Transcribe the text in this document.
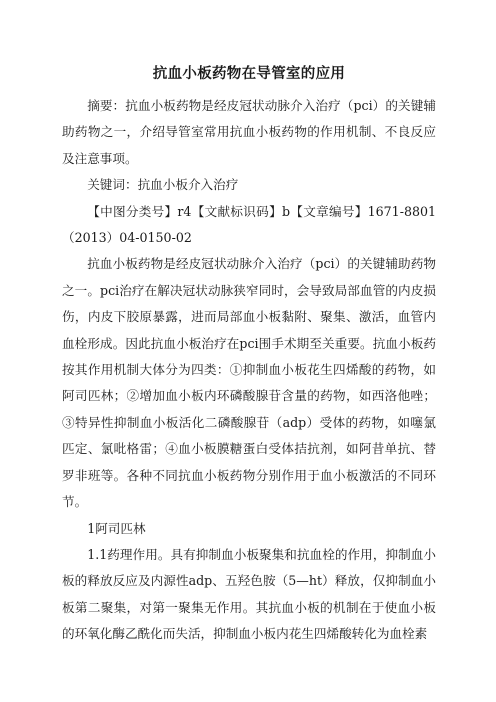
抗血小板药物在导管室的应用

摘要：抗血小板药物是经皮冠状动脉介入治疗（pci）的关键辅助药物之一，介绍导管室常用抗血小板药物的作用机制、不良反应及注意事项。

关键词：抗血小板介入治疗

【中图分类号】r4【文献标识码】b【文章编号】1671-8801（2013）04-0150-02

抗血小板药物是经皮冠状动脉介入治疗（pci）的关键辅助药物之一。pci治疗在解决冠状动脉狭窄同时，会导致局部血管的内皮损伤，内皮下胶原暴露，进而局部血小板黏附、聚集、激活，血管内血栓形成。因此抗血小板治疗在pci围手术期至关重要。抗血小板药按其作用机制大体分为四类：①抑制血小板花生四烯酸的药物，如阿司匹林；②增加血小板内环磷酸腺苷含量的药物，如西洛他唑；③特异性抑制血小板活化二磷酸腺苷（adp）受体的药物，如噻氯匹定、氯吡格雷；④血小板膜糖蛋白受体拮抗剂，如阿昔单抗、替罗非班等。各种不同抗血小板药物分别作用于血小板激活的不同环节。

1阿司匹林

1.1药理作用。具有抑制血小板聚集和抗血栓的作用，抑制血小板的释放反应及内源性adp、五羟色胺（5—ht）释放，仅抑制血小板第二聚集，对第一聚集无作用。其抗血小板的机制在于使血小板的环氧化酶乙酰化而失活，抑制血小板内花生四烯酸转化为血栓素
